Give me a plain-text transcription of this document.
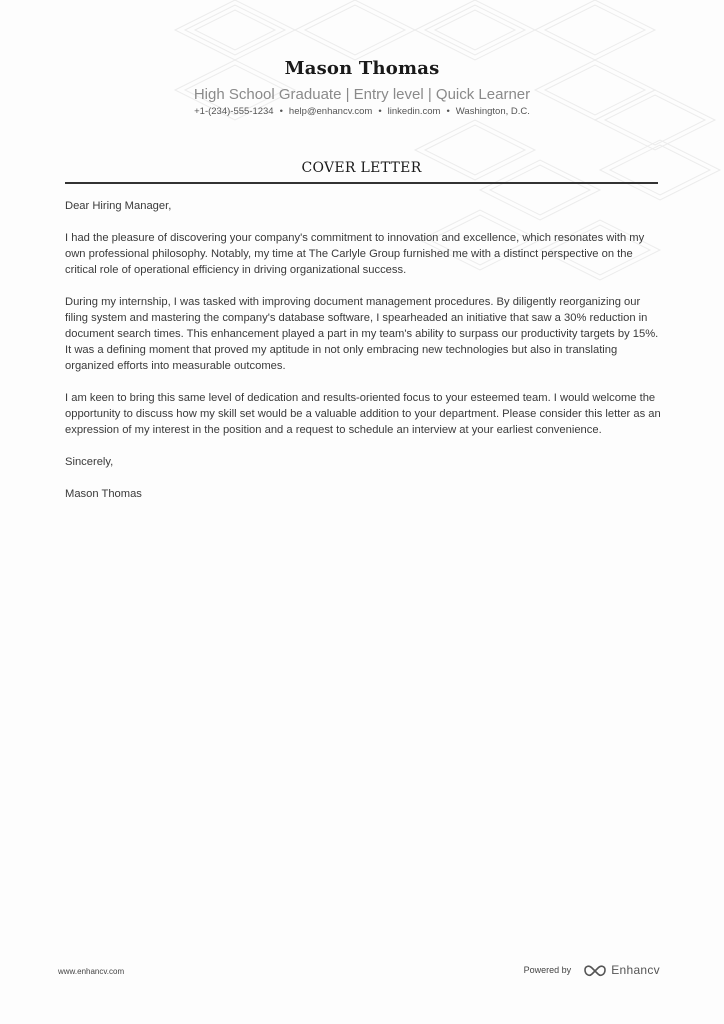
Mason Thomas
High School Graduate | Entry level | Quick Learner
+1-(234)-555-1234 • help@enhancv.com • linkedin.com • Washington, D.C.
COVER LETTER

Dear Hiring Manager,

I had the pleasure of discovering your company's commitment to innovation and excellence, which resonates with my own professional philosophy. Notably, my time at The Carlyle Group furnished me with a distinct perspective on the critical role of operational efficiency in driving organizational success.

During my internship, I was tasked with improving document management procedures. By diligently reorganizing our filing system and mastering the company's database software, I spearheaded an initiative that saw a 30% reduction in document search times. This enhancement played a part in my team's ability to surpass our productivity targets by 15%. It was a defining moment that proved my aptitude in not only embracing new technologies but also in translating organized efforts into measurable outcomes.

I am keen to bring this same level of dedication and results-oriented focus to your esteemed team. I would welcome the opportunity to discuss how my skill set would be a valuable addition to your department. Please consider this letter as an expression of my interest in the position and a request to schedule an interview at your earliest convenience.

Sincerely,

Mason Thomas

www.enhancv.com	Powered by	Enhancv
